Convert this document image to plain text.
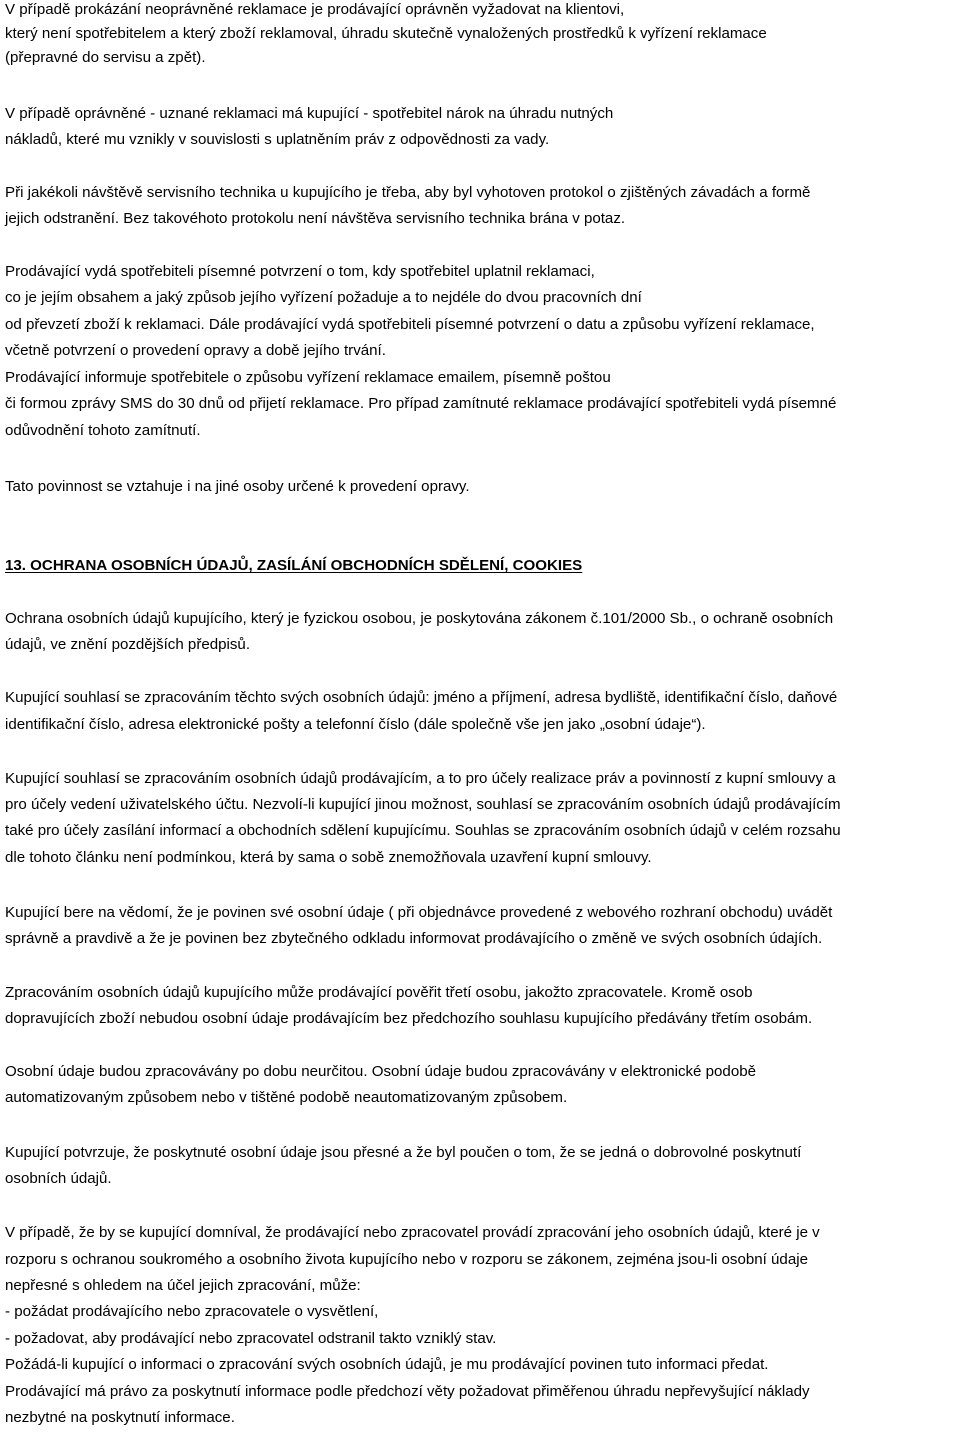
V případě prokázání neoprávněné reklamace je prodávající oprávněn vyžadovat na klientovi,
který není spotřebitelem a který zboží reklamoval, úhradu skutečně vynaložených prostředků k vyřízení reklamace
(přepravné do servisu a zpět).
V případě oprávněné - uznané reklamaci má kupující - spotřebitel nárok na úhradu nutných
nákladů, které mu vznikly v souvislosti s uplatněním práv z odpovědnosti za vady.
Při jakékoli návštěvě servisního technika u kupujícího je třeba, aby byl vyhotoven protokol o zjištěných závadách a formě
jejich odstranění. Bez takovéhoto protokolu není návštěva servisního technika brána v potaz.
Prodávající vydá spotřebiteli písemné potvrzení o tom, kdy spotřebitel uplatnil reklamaci,
co je jejím obsahem a jaký způsob jejího vyřízení požaduje a to nejdéle do dvou pracovních dní
od převzetí zboží k reklamaci. Dále prodávající vydá spotřebiteli písemné potvrzení o datu a způsobu vyřízení reklamace,
včetně potvrzení o provedení opravy a době jejího trvání.
Prodávající informuje spotřebitele o způsobu vyřízení reklamace emailem, písemně poštou
či formou zprávy SMS do 30 dnů od přijetí reklamace. Pro případ zamítnuté reklamace prodávající spotřebiteli vydá písemné
odůvodnění tohoto zamítnutí.
Tato povinnost se vztahuje i na jiné osoby určené k provedení opravy.
13. OCHRANA OSOBNÍCH ÚDAJŮ, ZASÍLÁNÍ OBCHODNÍCH SDĚLENÍ, COOKIES
Ochrana osobních údajů kupujícího, který je fyzickou osobou, je poskytována zákonem č.101/2000 Sb., o ochraně osobních
údajů, ve znění pozdějších předpisů.
Kupující souhlasí se zpracováním těchto svých osobních údajů: jméno a příjmení, adresa bydliště, identifikační číslo, daňové
identifikační číslo, adresa elektronické pošty a telefonní číslo (dále společně vše jen jako „osobní údaje“).
Kupující souhlasí se zpracováním osobních údajů prodávajícím, a to pro účely realizace práv a povinností z kupní smlouvy a
pro účely vedení uživatelského účtu. Nezvolí-li kupující jinou možnost, souhlasí se zpracováním osobních údajů prodávajícím
také pro účely zasílání informací a obchodních sdělení kupujícímu. Souhlas se zpracováním osobních údajů v celém rozsahu
dle tohoto článku není podmínkou, která by sama o sobě znemožňovala uzavření kupní smlouvy.
Kupující bere na vědomí, že je povinen své osobní údaje ( při objednávce provedené z webového rozhraní obchodu) uvádět
správně a pravdivě a že je povinen bez zbytečného odkladu informovat prodávajícího o změně ve svých osobních údajích.
Zpracováním osobních údajů kupujícího může prodávající pověřit třetí osobu, jakožto zpracovatele. Kromě osob
dopravujících zboží nebudou osobní údaje prodávajícím bez předchozího souhlasu kupujícího předávány třetím osobám.
Osobní údaje budou zpracovávány po dobu neurčitou. Osobní údaje budou zpracovávány v elektronické podobě
automatizovaným způsobem nebo v tištěné podobě neautomatizovaným způsobem.
Kupující potvrzuje, že poskytnuté osobní údaje jsou přesné a že byl poučen o tom, že se jedná o dobrovolné poskytnutí
osobních údajů.
V případě, že by se kupující domníval, že prodávající nebo zpracovatel provádí zpracování jeho osobních údajů, které je v
rozporu s ochranou soukromého a osobního života kupujícího nebo v rozporu se zákonem, zejména jsou-li osobní údaje
nepřesné s ohledem na účel jejich zpracování, může:
- požádat prodávajícího nebo zpracovatele o vysvětlení,
- požadovat, aby prodávající nebo zpracovatel odstranil takto vzniklý stav.
Požádá-li kupující o informaci o zpracování svých osobních údajů, je mu prodávající povinen tuto informaci předat.
Prodávající má právo za poskytnutí informace podle předchozí věty požadovat přiměřenou úhradu nepřevyšující náklady
nezbytné na poskytnutí informace.
